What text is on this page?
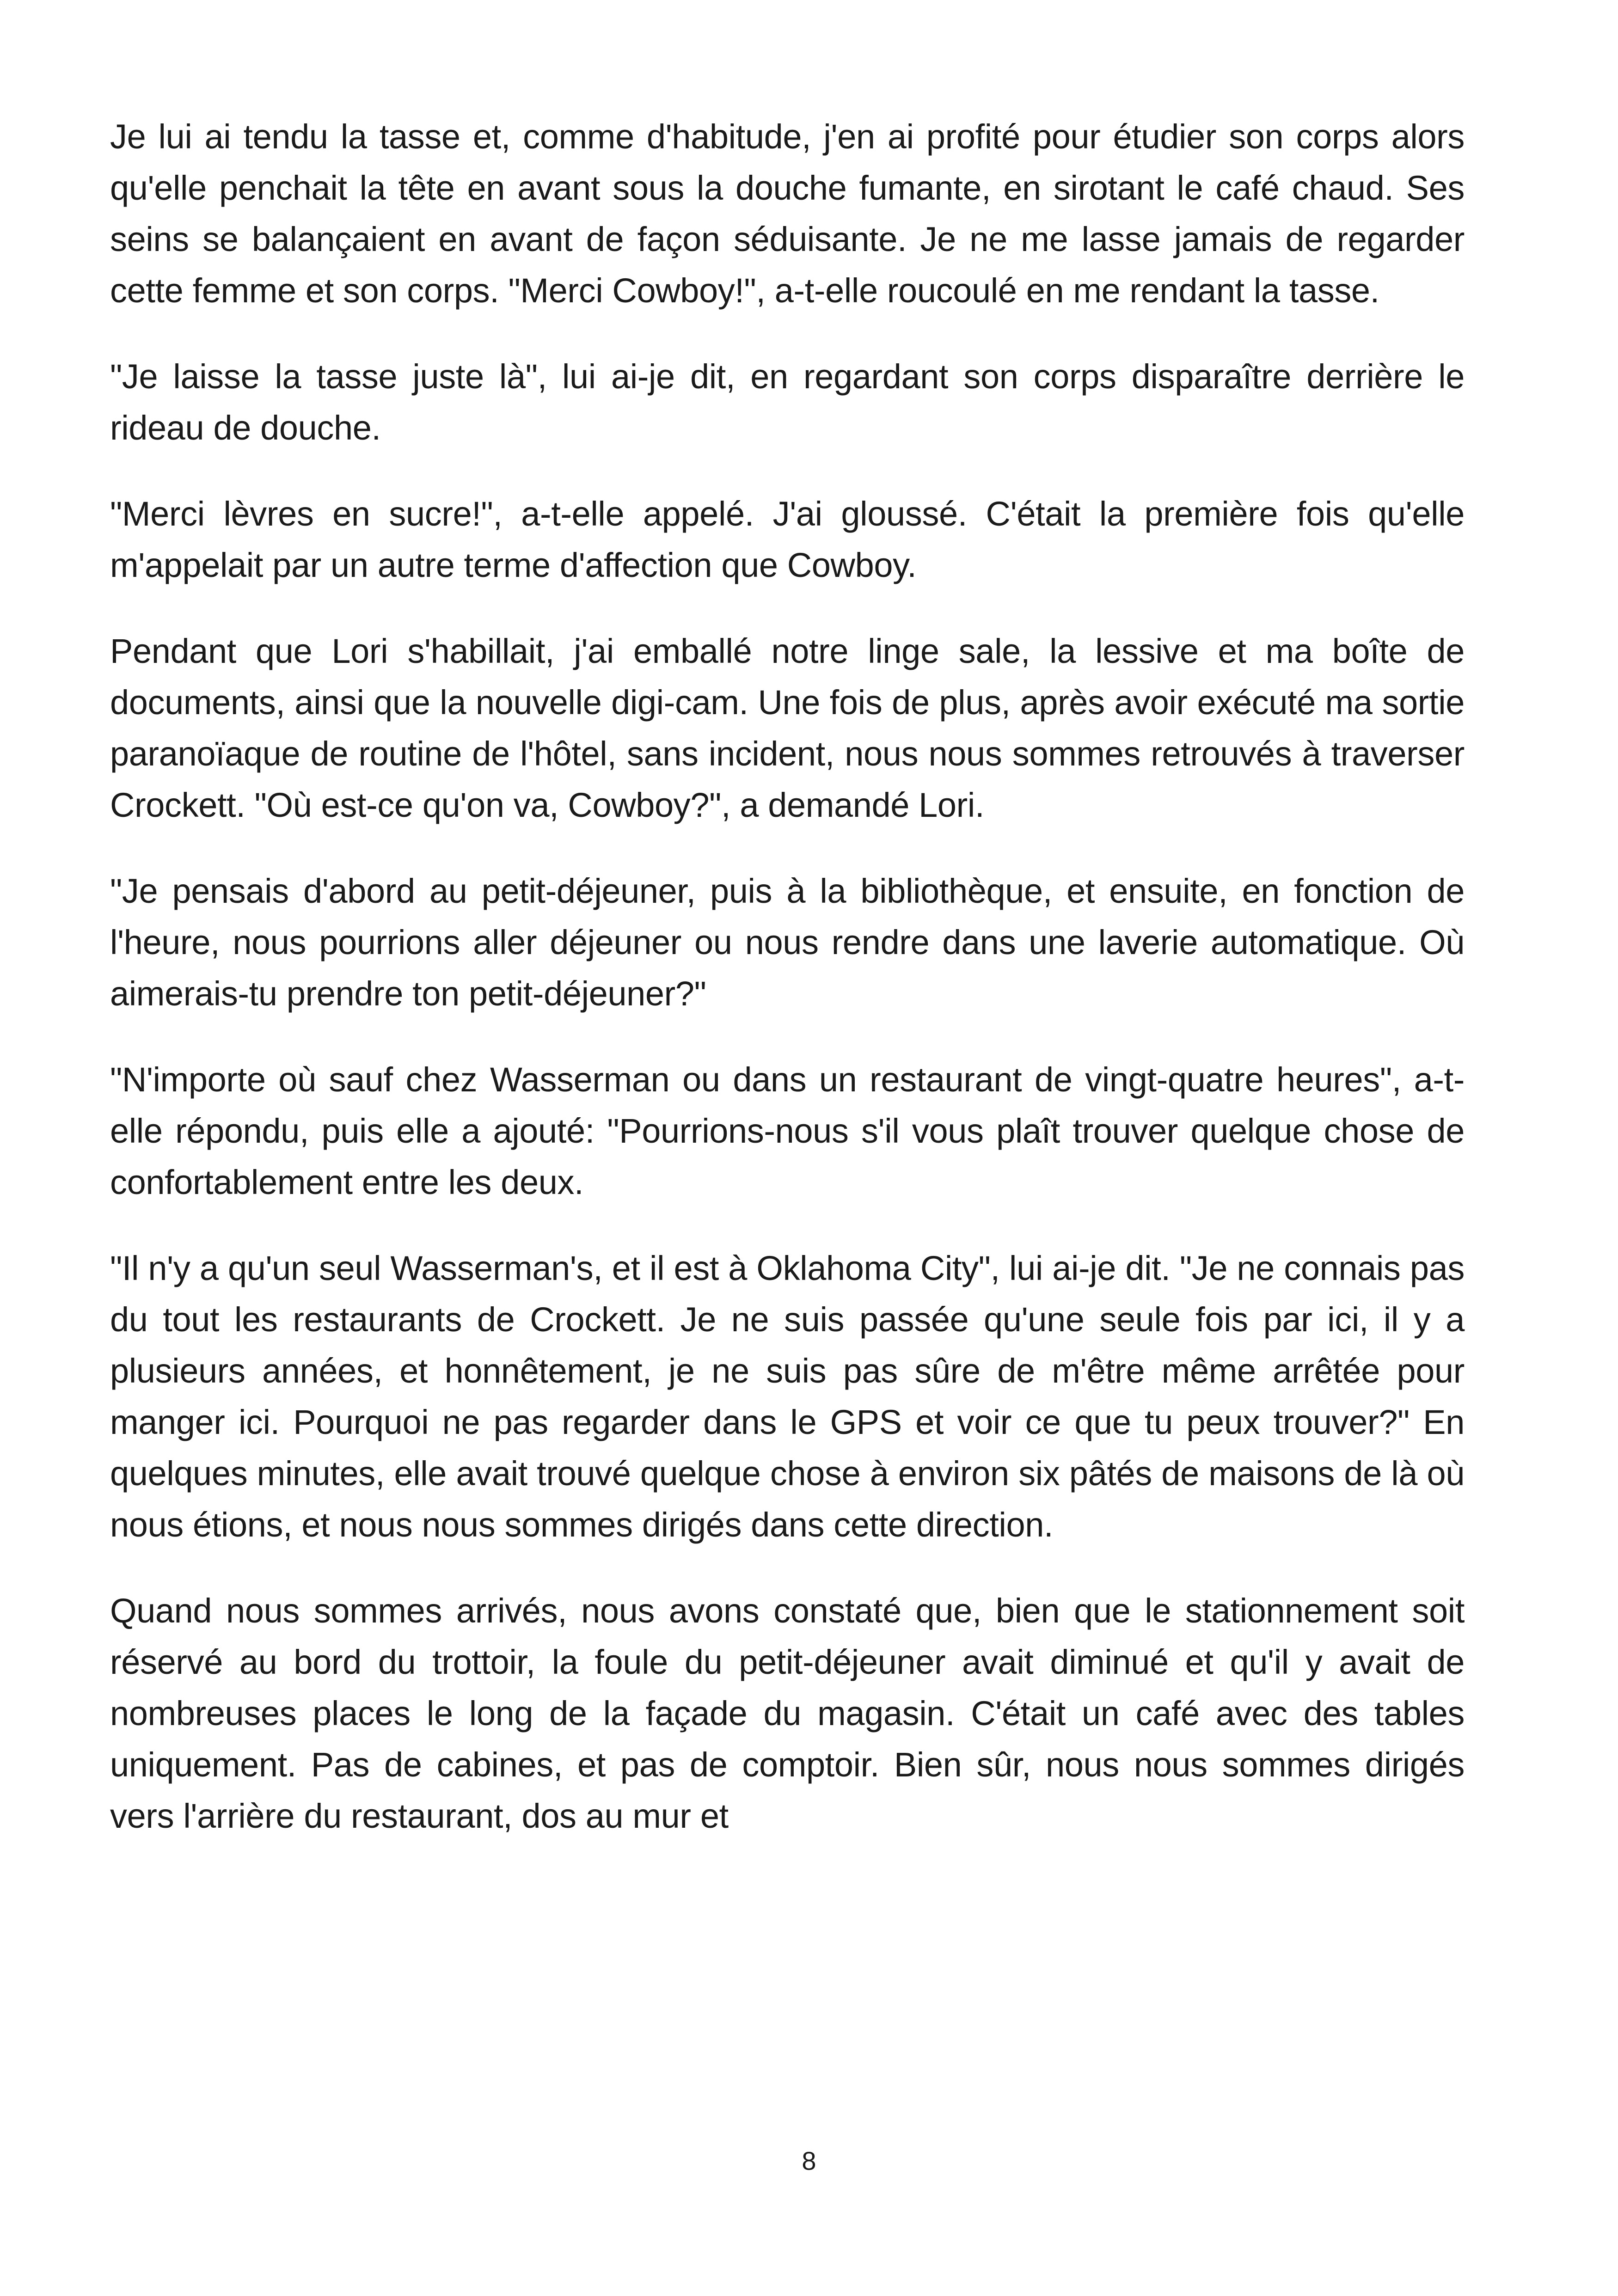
Je lui ai tendu la tasse et, comme d'habitude, j'en ai profité pour étudier son corps alors qu'elle penchait la tête en avant sous la douche fumante, en sirotant le café chaud. Ses seins se balançaient en avant de façon séduisante. Je ne me lasse jamais de regarder cette femme et son corps. "Merci Cowboy!", a-t-elle roucoulé en me rendant la tasse.

"Je laisse la tasse juste là", lui ai-je dit, en regardant son corps disparaître derrière le rideau de douche.

"Merci lèvres en sucre!", a-t-elle appelé. J'ai gloussé. C'était la première fois qu'elle m'appelait par un autre terme d'affection que Cowboy.

Pendant que Lori s'habillait, j'ai emballé notre linge sale, la lessive et ma boîte de documents, ainsi que la nouvelle digi-cam. Une fois de plus, après avoir exécuté ma sortie paranoïaque de routine de l'hôtel, sans incident, nous nous sommes retrouvés à traverser Crockett. "Où est-ce qu'on va, Cowboy?", a demandé Lori.

"Je pensais d'abord au petit-déjeuner, puis à la bibliothèque, et ensuite, en fonction de l'heure, nous pourrions aller déjeuner ou nous rendre dans une laverie automatique. Où aimerais-tu prendre ton petit-déjeuner?"

"N'importe où sauf chez Wasserman ou dans un restaurant de vingt-quatre heures", a-t-elle répondu, puis elle a ajouté: "Pourrions-nous s'il vous plaît trouver quelque chose de confortablement entre les deux.

"Il n'y a qu'un seul Wasserman's, et il est à Oklahoma City", lui ai-je dit. "Je ne connais pas du tout les restaurants de Crockett. Je ne suis passée qu'une seule fois par ici, il y a plusieurs années, et honnêtement, je ne suis pas sûre de m'être même arrêtée pour manger ici. Pourquoi ne pas regarder dans le GPS et voir ce que tu peux trouver?" En quelques minutes, elle avait trouvé quelque chose à environ six pâtés de maisons de là où nous étions, et nous nous sommes dirigés dans cette direction.

Quand nous sommes arrivés, nous avons constaté que, bien que le stationnement soit réservé au bord du trottoir, la foule du petit-déjeuner avait diminué et qu'il y avait de nombreuses places le long de la façade du magasin. C'était un café avec des tables uniquement. Pas de cabines, et pas de comptoir. Bien sûr, nous nous sommes dirigés vers l'arrière du restaurant, dos au mur et

8
